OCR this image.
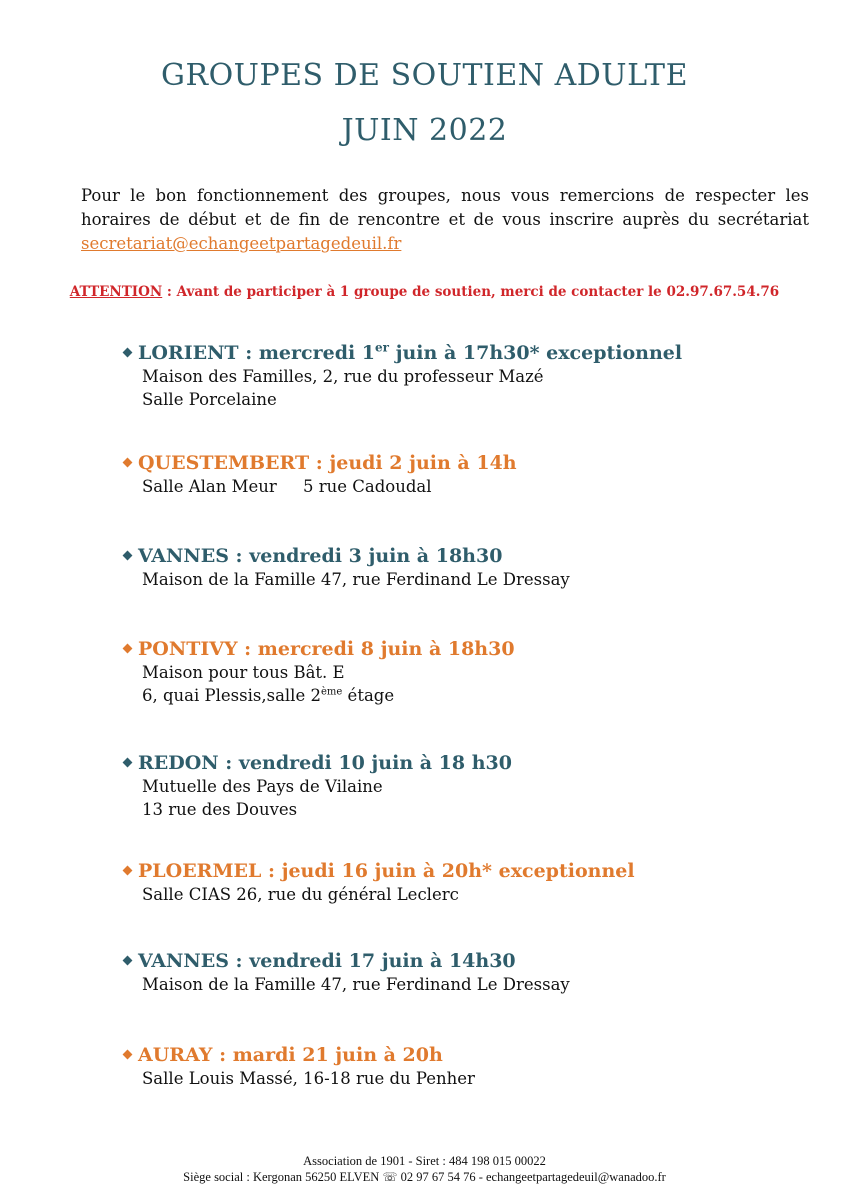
GROUPES DE SOUTIEN ADULTE
JUIN 2022

Pour le bon fonctionnement des groupes, nous vous remercions de respecter les

horaires de début et de fin de rencontre et de vous inscrire auprès du secrétariat

secretariat@echangeetpartagedeuil.fr
ATTENTION : Avant de participer à 1 groupe de soutien, merci de contacter le 02.97.67.54.76
LORIENT : mercredi 1er juin à 17h30* exceptionnel
Maison des Familles, 2, rue du professeur Mazé
Salle Porcelaine
QUESTEMBERT : jeudi 2 juin à 14h
Salle Alan Meur     5 rue Cadoudal
VANNES : vendredi 3 juin à 18h30
Maison de la Famille 47, rue Ferdinand Le Dressay
PONTIVY : mercredi 8 juin à 18h30
Maison pour tous Bât. E
6, quai Plessis,salle 2ème étage
REDON : vendredi 10 juin à 18 h30
Mutuelle des Pays de Vilaine
13 rue des Douves
PLOERMEL : jeudi 16 juin à 20h* exceptionnel
Salle CIAS 26, rue du général Leclerc
VANNES : vendredi 17 juin à 14h30
Maison de la Famille 47, rue Ferdinand Le Dressay
AURAY : mardi 21 juin à 20h
Salle Louis Massé, 16-18 rue du Penher
Association de 1901 - Siret : 484 198 015 00022
Siège social : Kergonan 56250 ELVEN ☏ 02 97 67 54 76 - echangeetpartagedeuil@wanadoo.fr
